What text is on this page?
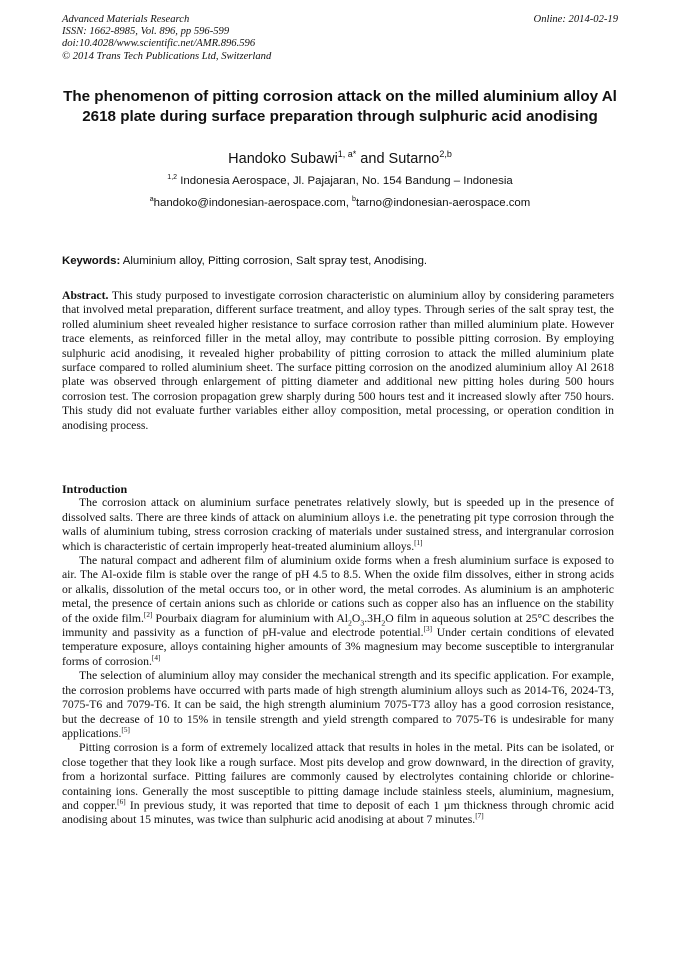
Advanced Materials Research
ISSN: 1662-8985, Vol. 896, pp 596-599
doi:10.4028/www.scientific.net/AMR.896.596
© 2014 Trans Tech Publications Ltd, Switzerland
Online: 2014-02-19
The phenomenon of pitting corrosion attack on the milled aluminium alloy Al 2618 plate during surface preparation through sulphuric acid anodising
Handoko Subawi$^{1, a*}$ and Sutarno$^{2,b}$
$^{1,2}$ Indonesia Aerospace, Jl. Pajajaran, No. 154 Bandung – Indonesia
$^a$handoko@indonesian-aerospace.com, $^b$tarno@indonesian-aerospace.com
Keywords: Aluminium alloy, Pitting corrosion, Salt spray test, Anodising.

Abstract. This study purposed to investigate corrosion characteristic on aluminium alloy by considering parameters that involved metal preparation, different surface treatment, and alloy types. Through series of the salt spray test, the rolled aluminium sheet revealed higher resistance to surface corrosion rather than milled aluminium plate. However trace elements, as reinforced filler in the metal alloy, may contribute to possible pitting corrosion. By employing sulphuric acid anodising, it revealed higher probability of pitting corrosion to attack the milled aluminium plate surface compared to rolled aluminium sheet. The surface pitting corrosion on the anodized aluminium alloy Al 2618 plate was observed through enlargement of pitting diameter and additional new pitting holes during 500 hours corrosion test. The corrosion propagation grew sharply during 500 hours test and it increased slowly after 750 hours. This study did not evaluate further variables either alloy composition, metal processing, or operation condition in anodising process.

Introduction

The corrosion attack on aluminium surface penetrates relatively slowly, but is speeded up in the presence of dissolved salts. There are three kinds of attack on aluminium alloys i.e. the penetrating pit type corrosion through the walls of aluminium tubing, stress corrosion cracking of materials under sustained stress, and intergranular corrosion which is characteristic of certain improperly heat-treated aluminium alloys.[1]

The natural compact and adherent film of aluminium oxide forms when a fresh aluminium surface is exposed to air. The Al-oxide film is stable over the range of pH 4.5 to 8.5. When the oxide film dissolves, either in strong acids or alkalis, dissolution of the metal occurs too, or in other word, the metal corrodes. As aluminium is an amphoteric metal, the presence of certain anions such as chloride or cations such as copper also has an influence on the stability of the oxide film.[2] Pourbaix diagram for aluminium with $Al_2O_3.3H_2O$ film in aqueous solution at 25°C describes the immunity and passivity as a function of pH-value and electrode potential.[3] Under certain conditions of elevated temperature exposure, alloys containing higher amounts of 3% magnesium may become susceptible to intergranular forms of corrosion.[4]

The selection of aluminium alloy may consider the mechanical strength and its specific application. For example, the corrosion problems have occurred with parts made of high strength aluminium alloys such as 2014-T6, 2024-T3, 7075-T6 and 7079-T6. It can be said, the high strength aluminium 7075-T73 alloy has a good corrosion resistance, but the decrease of 10 to 15% in tensile strength and yield strength compared to 7075-T6 is undesirable for many applications.[5]

Pitting corrosion is a form of extremely localized attack that results in holes in the metal. Pits can be isolated, or close together that they look like a rough surface. Most pits develop and grow downward, in the direction of gravity, from a horizontal surface. Pitting failures are commonly caused by electrolytes containing chloride or chlorine-containing ions. Generally the most susceptible to pitting damage include stainless steels, aluminium, magnesium, and copper.[6] In previous study, it was reported that time to deposit of each 1 µm thickness through chromic acid anodising about 15 minutes, was twice than sulphuric acid anodising at about 7 minutes.[7]
